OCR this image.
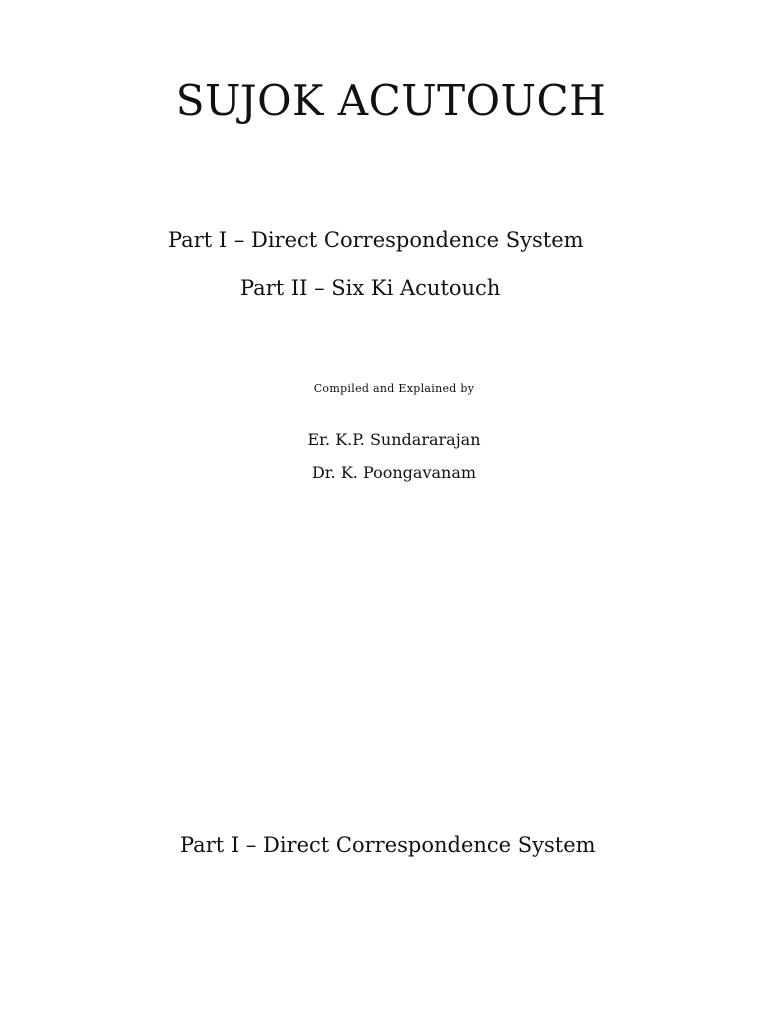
SUJOK ACUTOUCH

Part I – Direct Correspondence System

Part II – Six Ki Acutouch

Compiled and Explained by

Er. K.P. Sundararajan

Dr. K. Poongavanam

Part I – Direct Correspondence System
